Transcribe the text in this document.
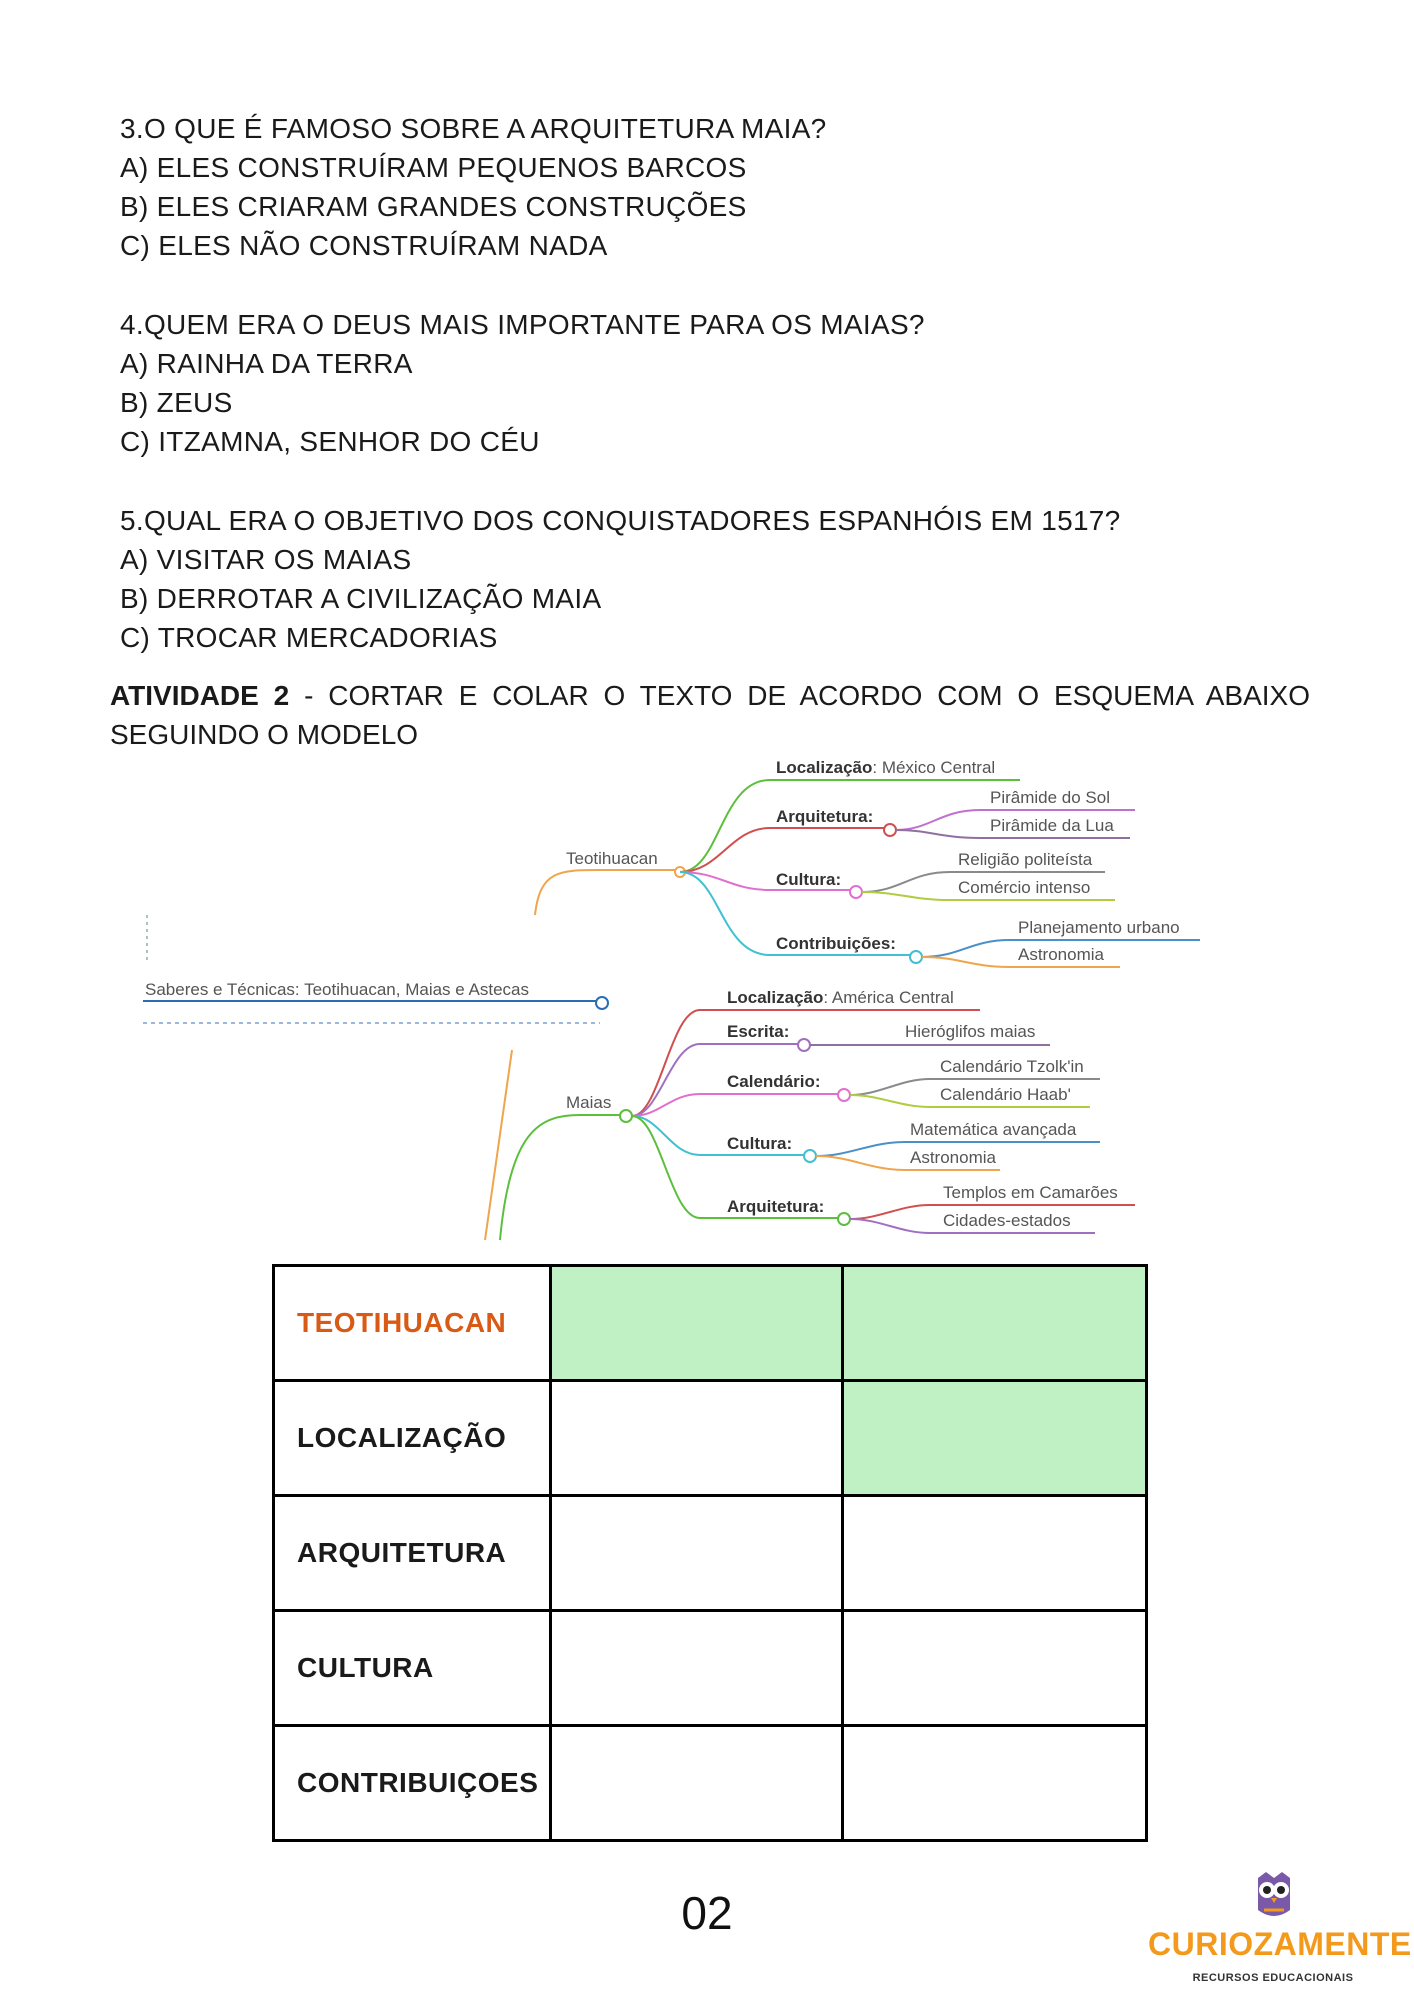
3.O QUE É FAMOSO SOBRE A ARQUITETURA MAIA?
A) ELES CONSTRUÍRAM PEQUENOS BARCOS
B) ELES CRIARAM GRANDES CONSTRUÇÕES
C) ELES NÃO CONSTRUÍRAM NADA
4.QUEM ERA O DEUS MAIS IMPORTANTE PARA OS MAIAS?
A) RAINHA DA TERRA
B) ZEUS
C) ITZAMNA, SENHOR DO CÉU
5.QUAL ERA O OBJETIVO DOS CONQUISTADORES ESPANHÓIS EM 1517?
A) VISITAR OS MAIAS
B) DERROTAR A CIVILIZAÇÃO MAIA
C) TROCAR MERCADORIAS
ATIVIDADE 2 - CORTAR E COLAR O TEXTO DE ACORDO COM O ESQUEMA ABAIXO SEGUINDO O MODELO
Saberes e Técnicas: Teotihuacan, Maias e Astecas
Teotihuacan
Localização: México Central
Arquitetura:
Pirâmide do Sol
Pirâmide da Lua
Cultura:
Religião politeísta
Comércio intenso
Contribuições:
Planejamento urbano
Astronomia
Maias
Localização: América Central
Escrita:	Hieróglifos maias
Calendário:
Calendário Tzolk'in
Calendário Haab'
Cultura:
Matemática avançada
Astronomia
Arquitetura:
Templos em Camarões
Cidades-estados
TEOTIHUACAN		
LOCALIZAÇÃO		
ARQUITETURA		
CULTURA		
CONTRIBUIÇOES		
02
CURIOZAMENTE
RECURSOS EDUCACIONAIS
